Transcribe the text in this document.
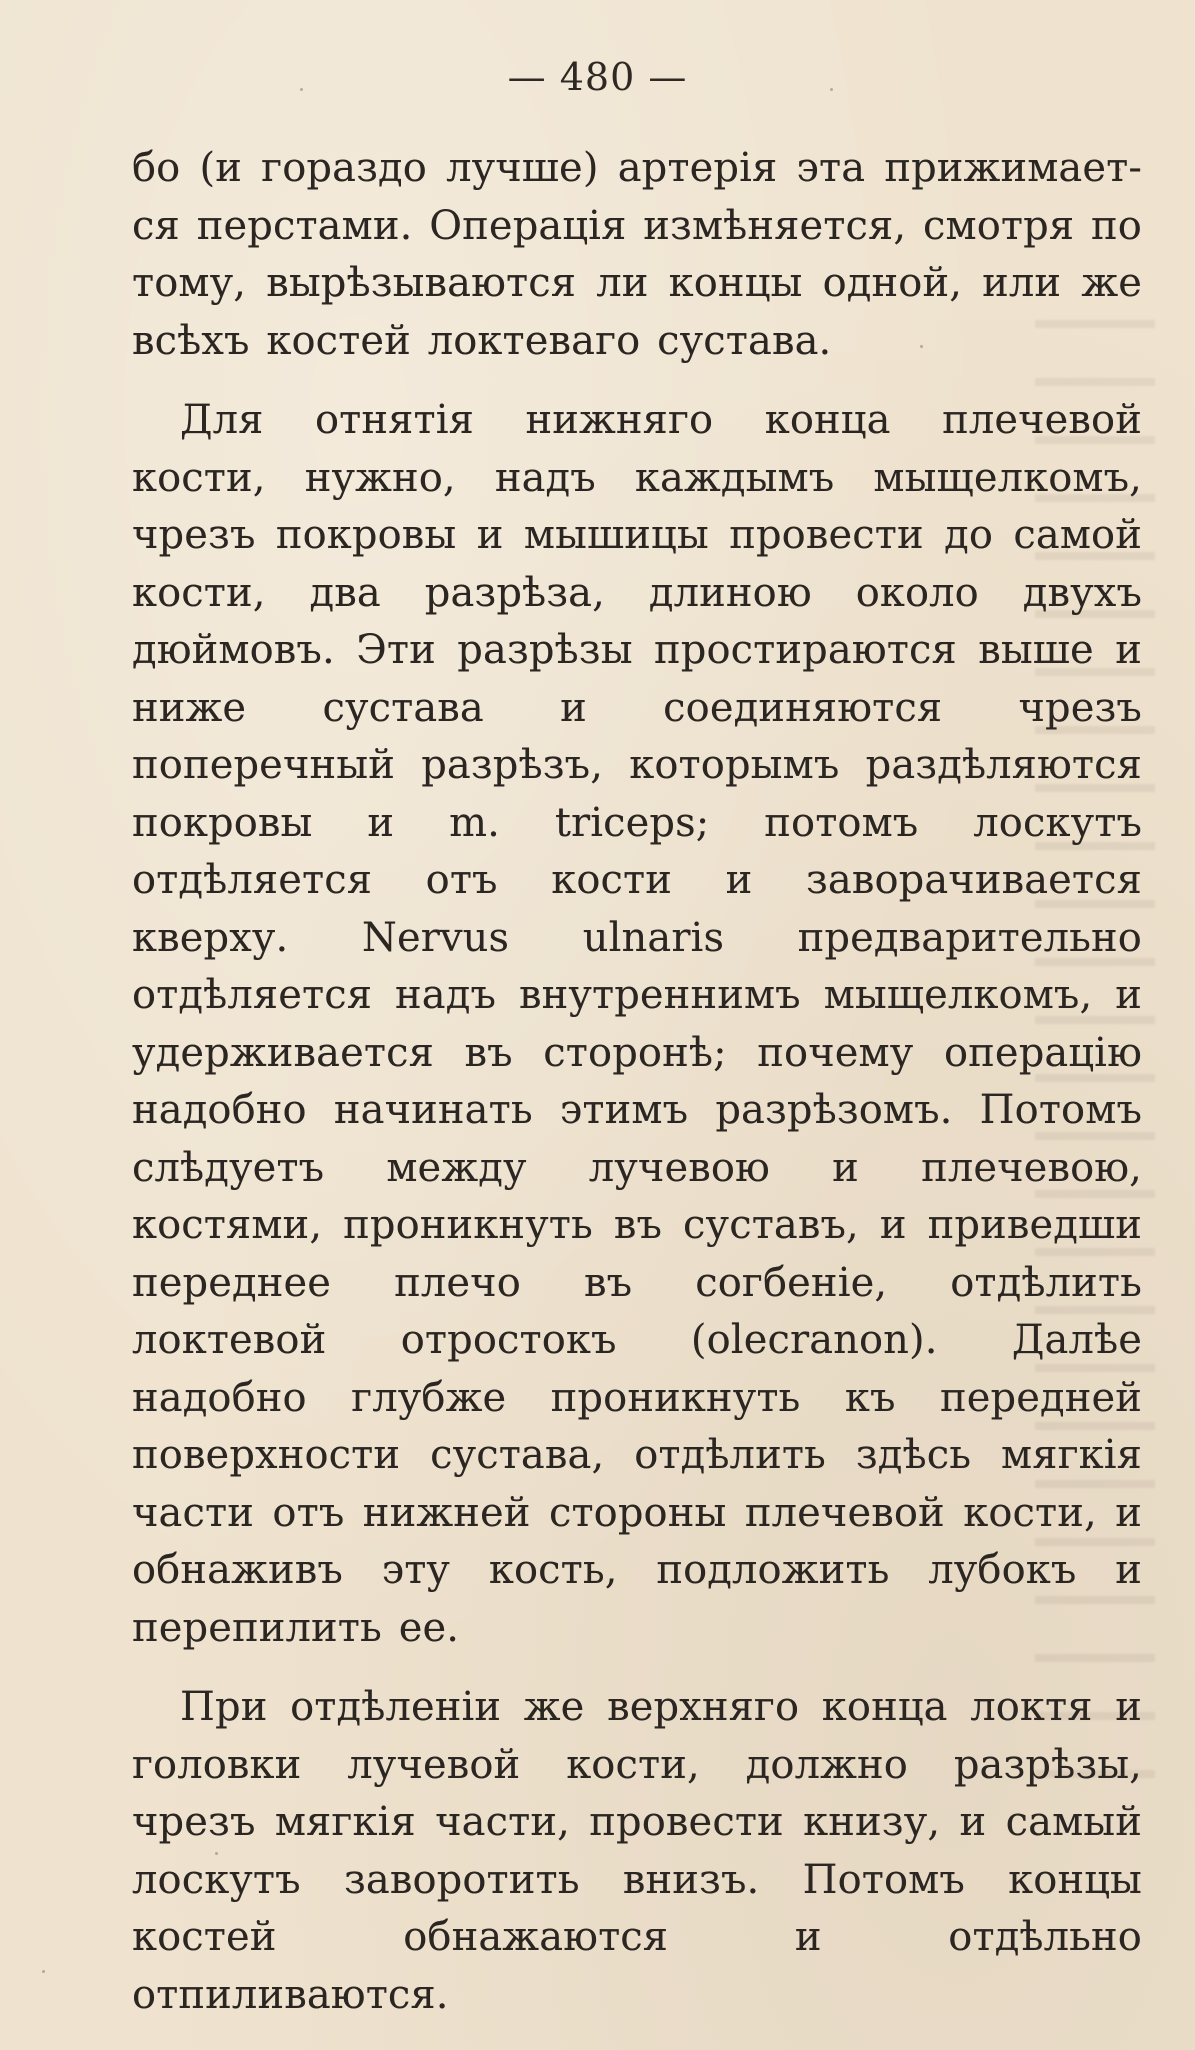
— 480 —

бо (и гораздо лучше) артерія эта прижимает-ся перстами. Операція измѣняется, смотря по тому, вырѣзываются ли концы одной, или же всѣхъ костей локтеваго сустава.

Для отнятія нижняго конца плечевой кости, нужно, надъ каждымъ мыщелкомъ, чрезъ покровы и мышицы провести до самой кости, два разрѣза, длиною около двухъ дюймовъ. Эти разрѣзы простираются выше и ниже сустава и соединяются чрезъ поперечный разрѣзъ, которымъ раздѣляются покровы и m. triceps; потомъ лоскутъ отдѣляется отъ кости и заворачивается кверху. Nervus ulnaris предварительно отдѣляется надъ внутреннимъ мыщелкомъ, и удерживается въ сторонѣ; почему операцію надобно начинать этимъ разрѣзомъ. Потомъ слѣдуетъ между лучевою и плечевою, костями, проникнуть въ суставъ, и приведши переднее плечо въ согбеніе, отдѣлить локтевой отростокъ (olecranon). Далѣе надобно глубже проникнуть къ передней поверхности сустава, отдѣлить здѣсь мягкія части отъ нижней стороны плечевой кости, и обнаживъ эту кость, подложить лубокъ и перепилить ее.

При отдѣленіи же верхняго конца локтя и головки лучевой кости, должно разрѣзы, чрезъ мягкія части, провести книзу, и самый лоскутъ заворотить внизъ. Потомъ концы костей обнажаются и отдѣльно отпиливаются.
